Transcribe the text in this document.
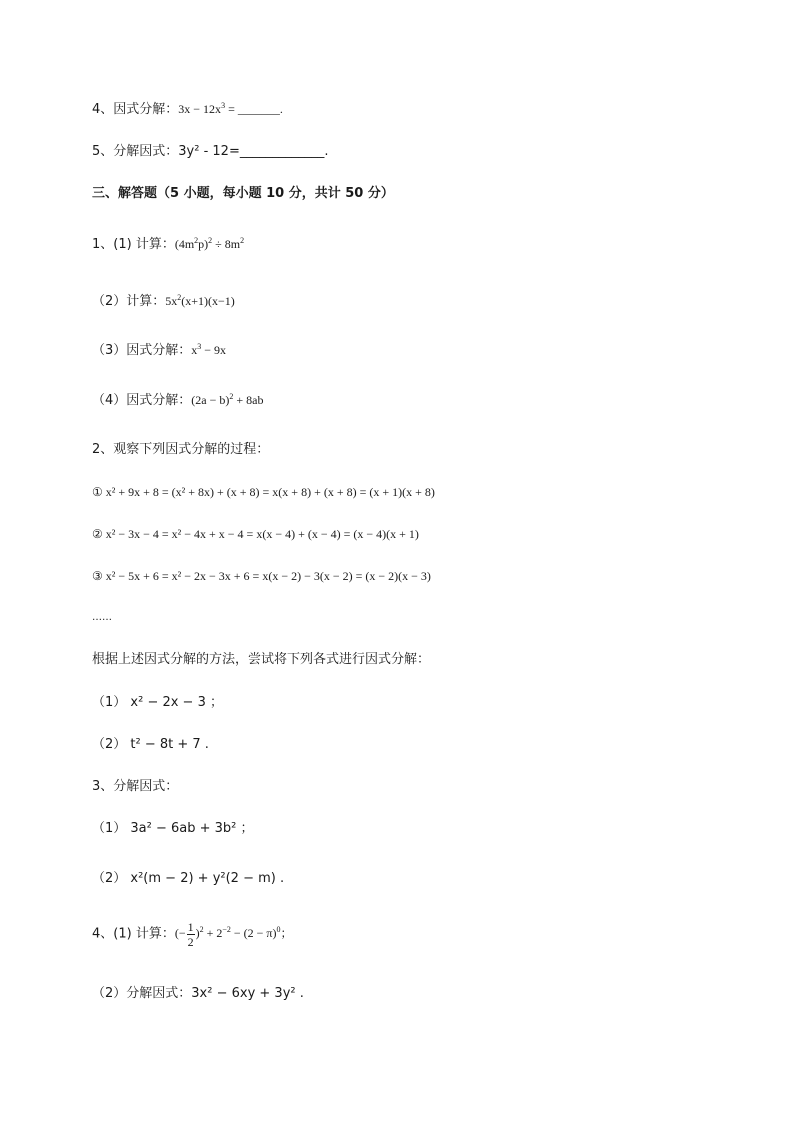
4、因式分解：$3x - 12x^3$ = _______.
5、分解因式：3y² - 12=_____________.
三、解答题（5 小题，每小题 10 分，共计 50 分）
1、(1) 计算：$(4m^2p)^2 \div 8m^2$
（2）计算：$5x^2(x+1)(x-1)$
（3）因式分解：$x^3 - 9x$
（4）因式分解：$(2a - b)^2 + 8ab$
2、观察下列因式分解的过程：
① x² + 9x + 8 = (x² + 8x) + (x + 8) = x(x + 8) + (x + 8) = (x + 1)(x + 8)
② x² − 3x − 4 = x² − 4x + x − 4 = x(x − 4) + (x − 4) = (x − 4)(x + 1)
③ x² − 5x + 6 = x² − 2x − 3x + 6 = x(x − 2) − 3(x − 2) = (x − 2)(x − 3)
……
根据上述因式分解的方法，尝试将下列各式进行因式分解：
（1） x² − 2x − 3 ；
（2） t² − 8t + 7 .
3、分解因式：
（1） 3a² − 6ab + 3b² ；
（2） x²(m − 2) + y²(2 − m) .
4、(1) 计算：(− $\frac{1}{2} )^2 + 2^{-2} - (2 - \pi)^0$；
（2）分解因式：3x² − 6xy + 3y² .
